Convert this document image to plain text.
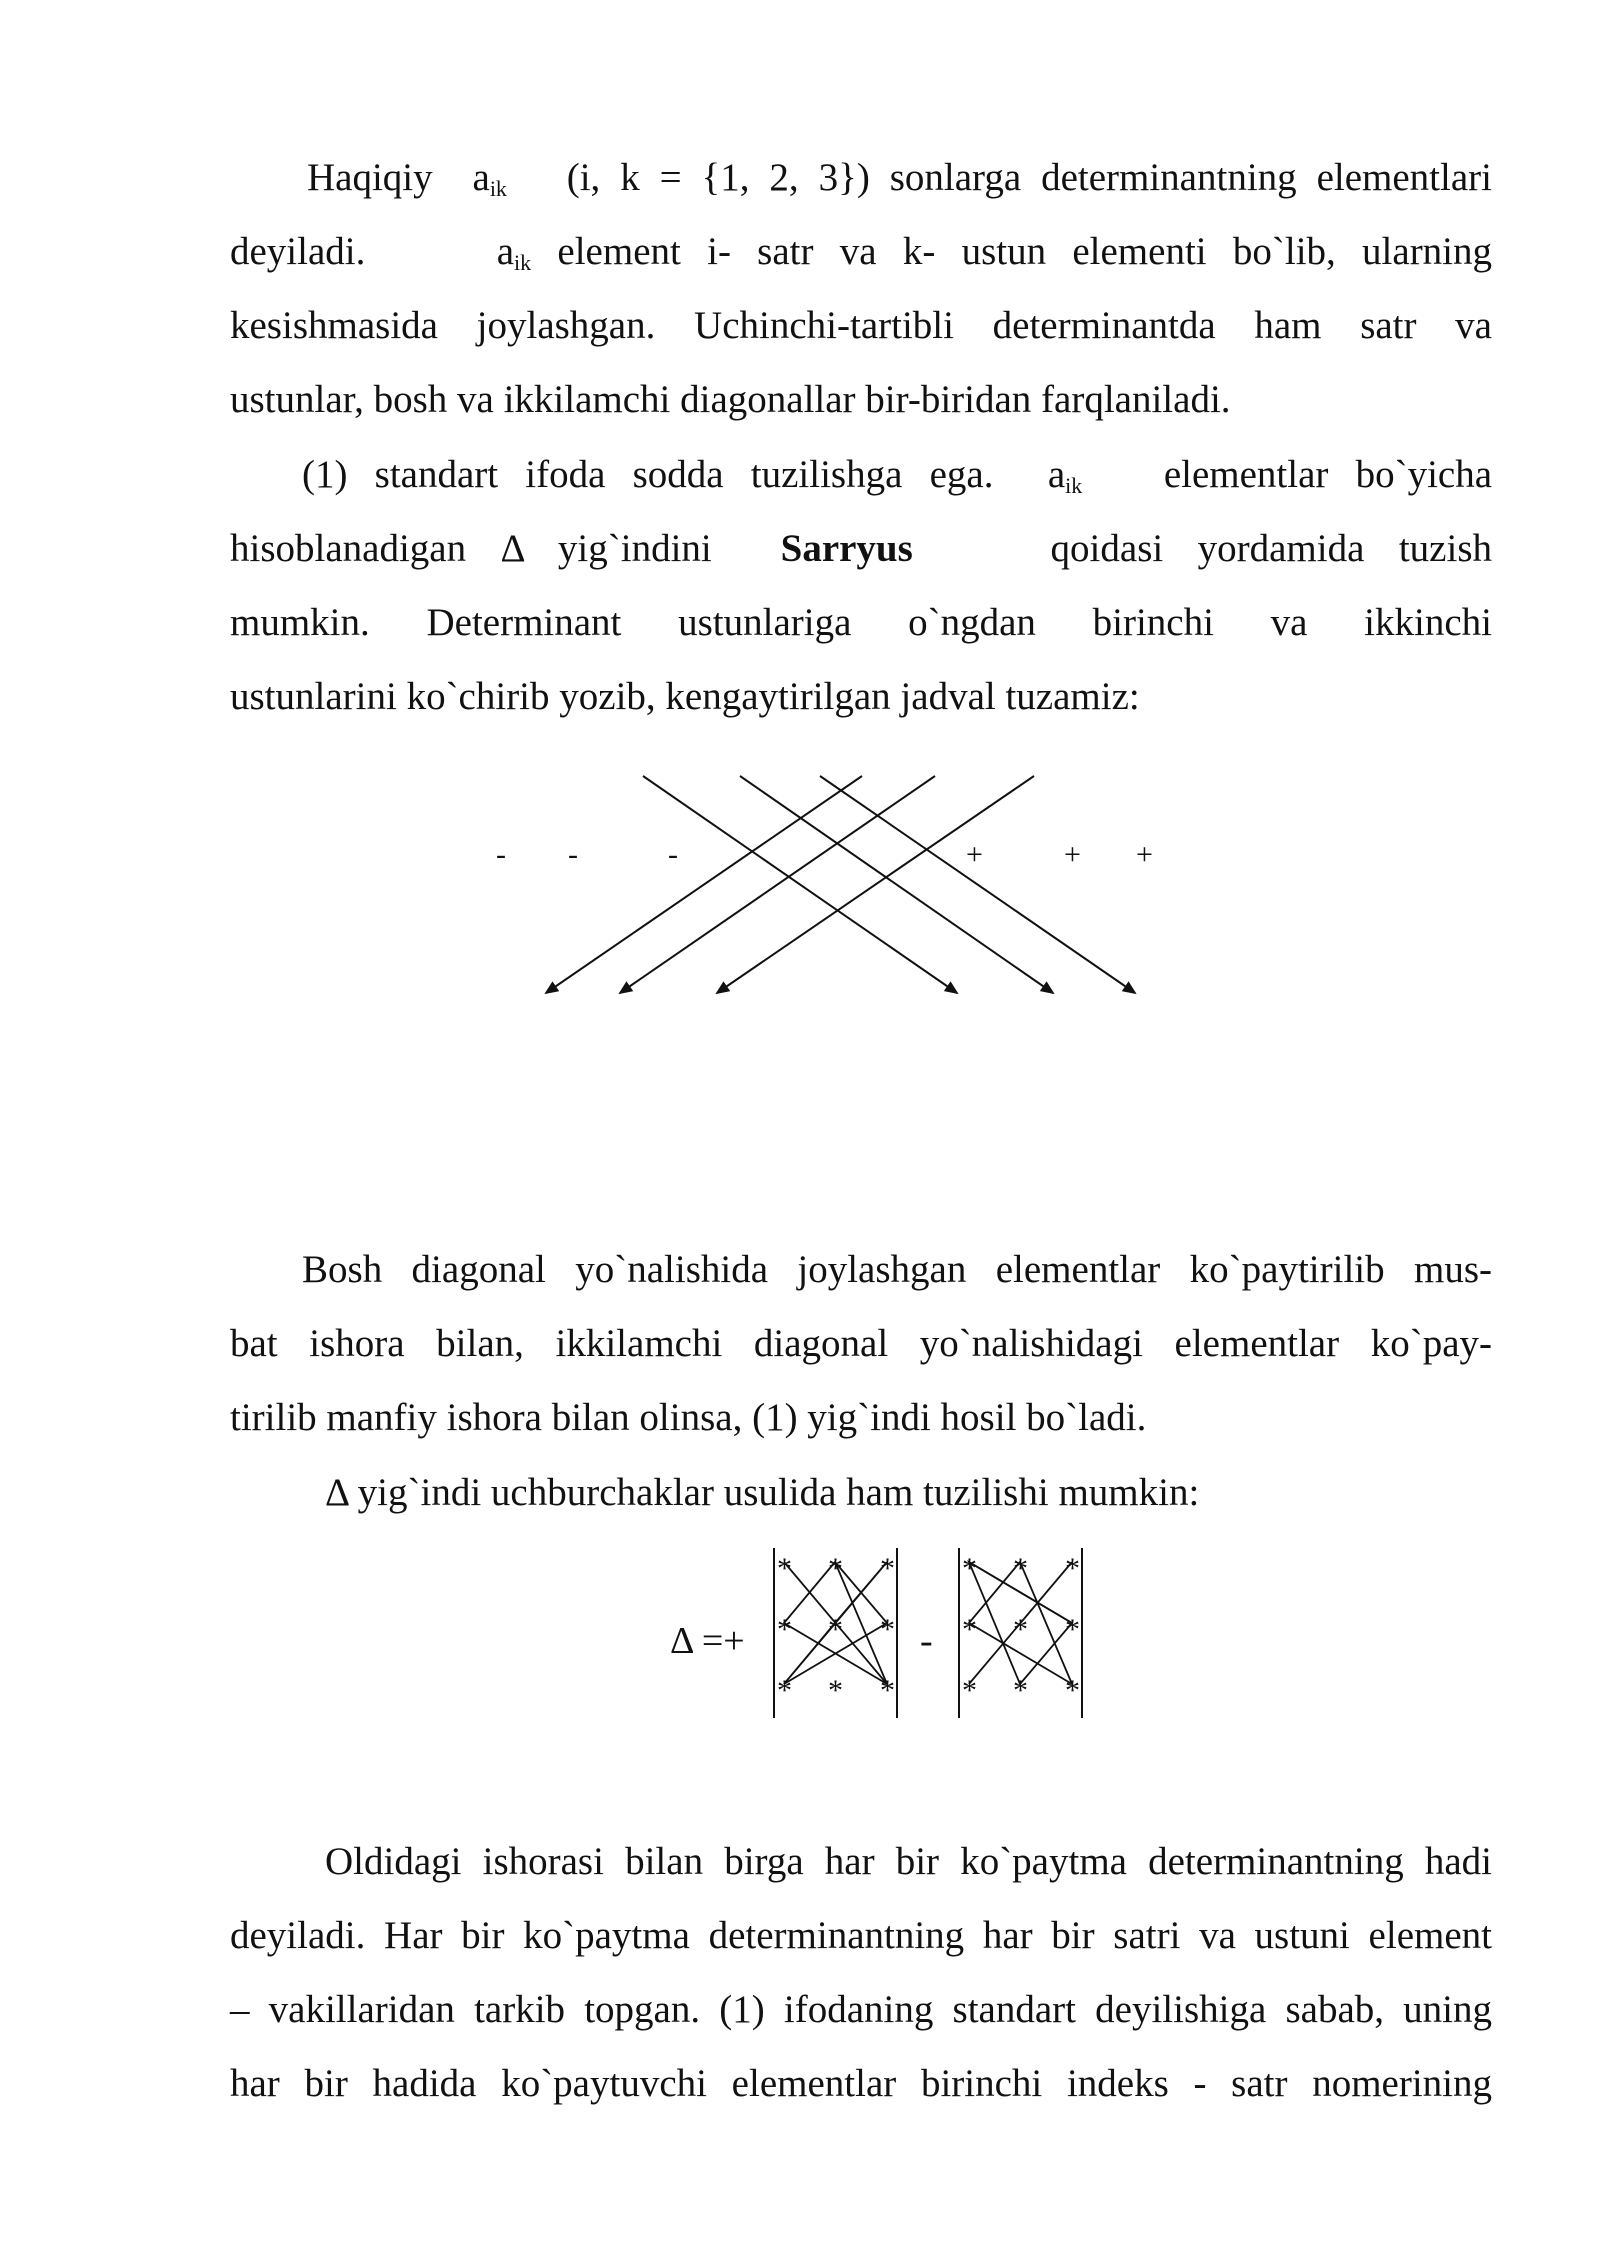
Haqiqiy aik (i, k = {1, 2, 3}) sonlarga determinantning elementlari
deyiladi.	aik element i- satr va k- ustun elementi bo`lib, ularning
kesishmasida joylashgan. Uchinchi-tartibli determinantda ham satr va
ustunlar, bosh va ikkilamchi diagonallar bir-biridan farqlaniladi.
(1) standart ifoda sodda tuzilishga ega. aik elementlar bo`yicha
hisoblanadigan Δ yig`indini Sarryus	qoidasi yordamida tuzish
mumkin. Determinant ustunlariga o`ngdan birinchi va ikkinchi
ustunlarini ko`chirib yozib, kengaytirilgan jadval tuzamiz:
- -	-	+	+ +
Bosh diagonal yo`nalishida joylashgan elementlar ko`paytirilib mus-
bat ishora bilan, ikkilamchi diagonal yo`nalishidagi elementlar ko`pay-
tirilib manfiy ishora bilan olinsa, (1) yig`indi hosil bo`ladi.
Δ yig`indi uchburchaklar usulida ham tuzilishi mumkin:
Δ =+
* * *
* * *
* * *
-
* * *
* * *
* * *
Oldidagi ishorasi bilan birga har bir ko`paytma determinantning hadi
deyiladi. Har bir ko`paytma determinantning har bir satri va ustuni element
– vakillaridan tarkib topgan. (1) ifodaning standart deyilishiga sabab, uning
har bir hadida ko`paytuvchi elementlar birinchi indeks - satr nomerining
